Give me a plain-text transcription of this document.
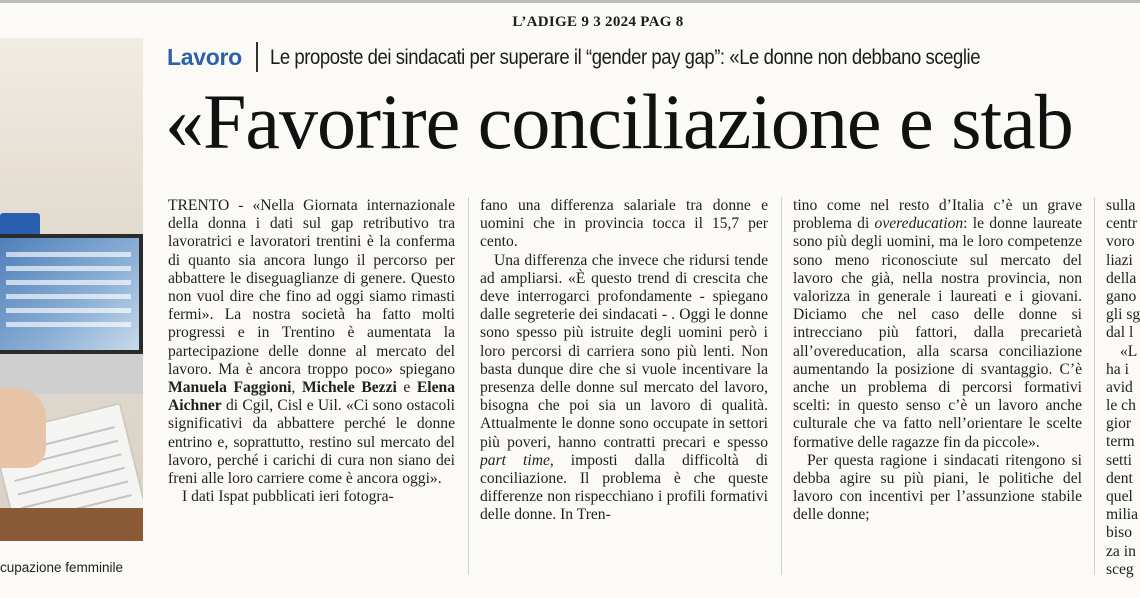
L’ADIGE 9 3 2024 PAG 8
cupazione femminile
Lavoro Le proposte dei sindacati per superare il “gender pay gap”: «Le donne non debbano sceglie
«Favorire conciliazione e stab

TRENTO - «Nella Giornata internazionale della donna i dati sul gap retributivo tra lavoratrici e lavoratori trentini è la conferma di quanto sia ancora lungo il percorso per abbattere le diseguaglianze di genere. Questo non vuol dire che fino ad oggi siamo rimasti fermi». La nostra società ha fatto molti progressi e in Trentino è aumentata la partecipazione delle donne al mercato del lavoro. Ma è ancora troppo poco» spiegano Manuela Faggioni, Michele Bezzi e Elena Aichner di Cgil, Cisl e Uil. «Ci sono ostacoli significativi da abbattere perché le donne entrino e, soprattutto, restino sul mercato del lavoro, perché i carichi di cura non siano dei freni alle loro carriere come è ancora oggi».

I dati Ispat pubblicati ieri fotogra-

fano una differenza salariale tra donne e uomini che in provincia tocca il 15,7 per cento.

Una differenza che invece che ridursi tende ad ampliarsi. «È questo trend di crescita che deve interrogarci profondamente - spiegano dalle segreterie dei sindacati - . Oggi le donne sono spesso più istruite degli uomini però i loro percorsi di carriera sono più lenti. Non basta dunque dire che si vuole incentivare la presenza delle donne sul mercato del lavoro, bisogna che poi sia un lavoro di qualità. Attualmente le donne sono occupate in settori più poveri, hanno contratti precari e spesso part time, imposti dalla difficoltà di conciliazione. Il problema è che queste differenze non rispecchiano i profili formativi delle donne. In Tren-

tino come nel resto d’Italia c’è un grave problema di overeducation: le donne laureate sono più degli uomini, ma le loro competenze sono meno riconosciute sul mercato del lavoro che già, nella nostra provincia, non valorizza in generale i laureati e i giovani. Diciamo che nel caso delle donne si intrecciano più fattori, dalla precarietà all’overeducation, alla scarsa conciliazione aumentando la posizione di svantaggio. C’è anche un problema di percorsi formativi scelti: in questo senso c’è un lavoro anche culturale che va fatto nell’orientare le scelte formative delle ragazze fin da piccole».

Per questa ragione i sindacati ritengono si debba agire su più piani, le politiche del lavoro con incentivi per l’assunzione stabile delle donne;

sulla
centr
voro
liazi
della
gano
gli sg
dal l
«L
ha i
avid
le ch
gior
term
setti
dent
quel
milia
biso
za in
sceg
